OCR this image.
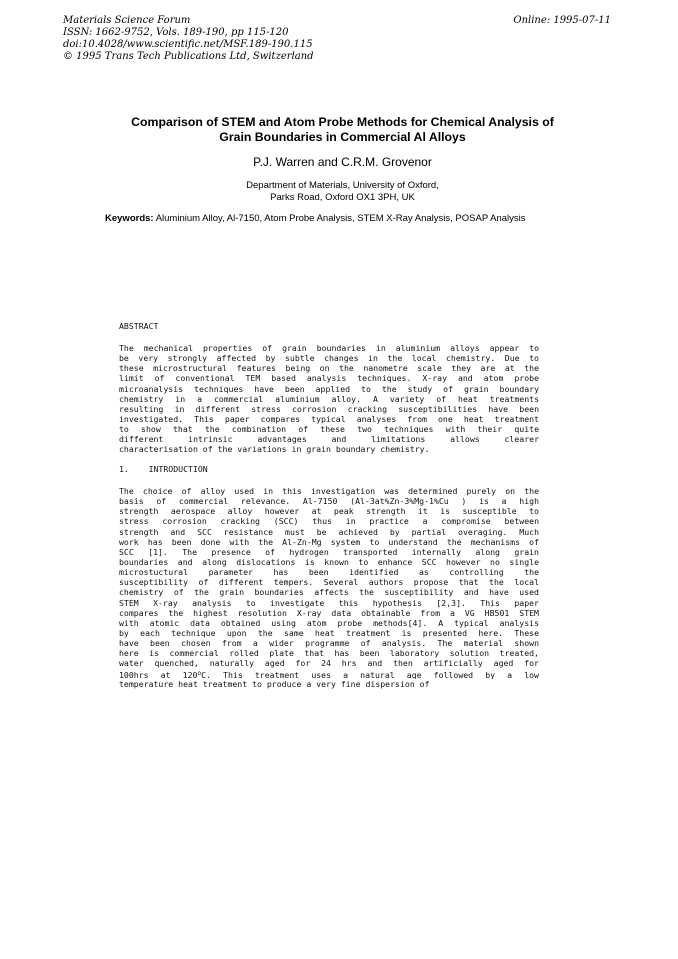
Materials Science Forum
ISSN: 1662-9752, Vols. 189-190, pp 115-120
doi:10.4028/www.scientific.net/MSF.189-190.115
© 1995 Trans Tech Publications Ltd, Switzerland
Online: 1995-07-11
Comparison of STEM and Atom Probe Methods for Chemical Analysis of
Grain Boundaries in Commercial Al Alloys
P.J. Warren and C.R.M. Grovenor
Department of Materials, University of Oxford,
Parks Road, Oxford OX1 3PH, UK
Keywords: Aluminium Alloy, Al-7150, Atom Probe Analysis, STEM X-Ray Analysis, POSAP Analysis
ABSTRACT
The mechanical properties of grain boundaries in aluminium alloys appear to
be very strongly affected by subtle changes in the local chemistry. Due to
these microstructural features being on the nanometre scale they are at the
limit of conventional TEM based analysis techniques. X-ray and atom probe
microanalysis techniques have been applied to the study of grain boundary
chemistry in a commercial aluminium alloy. A variety of heat treatments
resulting in different stress corrosion cracking susceptibilities have been
investigated. This paper compares typical analyses from one heat treatment
to show that the combination of these two techniques with their quite
different intrinsic advantages and limitations allows clearer
characterisation of the variations in grain boundary chemistry.
1. INTRODUCTION
The choice of alloy used in this investigation was determined purely on the
basis of commercial relevance. Al-7150 (Al-3at%Zn-3%Mg-1%Cu ) is a high
strength aerospace alloy however at peak strength it is susceptible to
stress corrosion cracking (SCC) thus in practice a compromise between
strength and SCC resistance must be achieved by partial overaging. Much
work has been done with the Al-Zn-Mg system to understand the mechanisms of
SCC [1]. The presence of hydrogen transported internally along grain
boundaries and along dislocations is known to enhance SCC however no single
microstuctural parameter has been identified as controlling the
susceptibility of different tempers. Several authors propose that the local
chemistry of the grain boundaries affects the susceptibility and have used
STEM X-ray analysis to investigate this hypothesis [2,3]. This paper
compares the highest resolution X-ray data obtainable from a VG HB501 STEM
with atomic data obtained using atom probe methods[4]. A typical analysis
by each technique upon the same heat treatment is presented here. These
have been chosen from a wider programme of analysis. The material shown
here is commercial rolled plate that has been laboratory solution treated,
water quenched, naturally aged for 24 hrs and then artificially aged for
100hrs at 120$^o$C. This treatment uses a natural age followed by a low
temperature heat treatment to produce a very fine dispersion of
